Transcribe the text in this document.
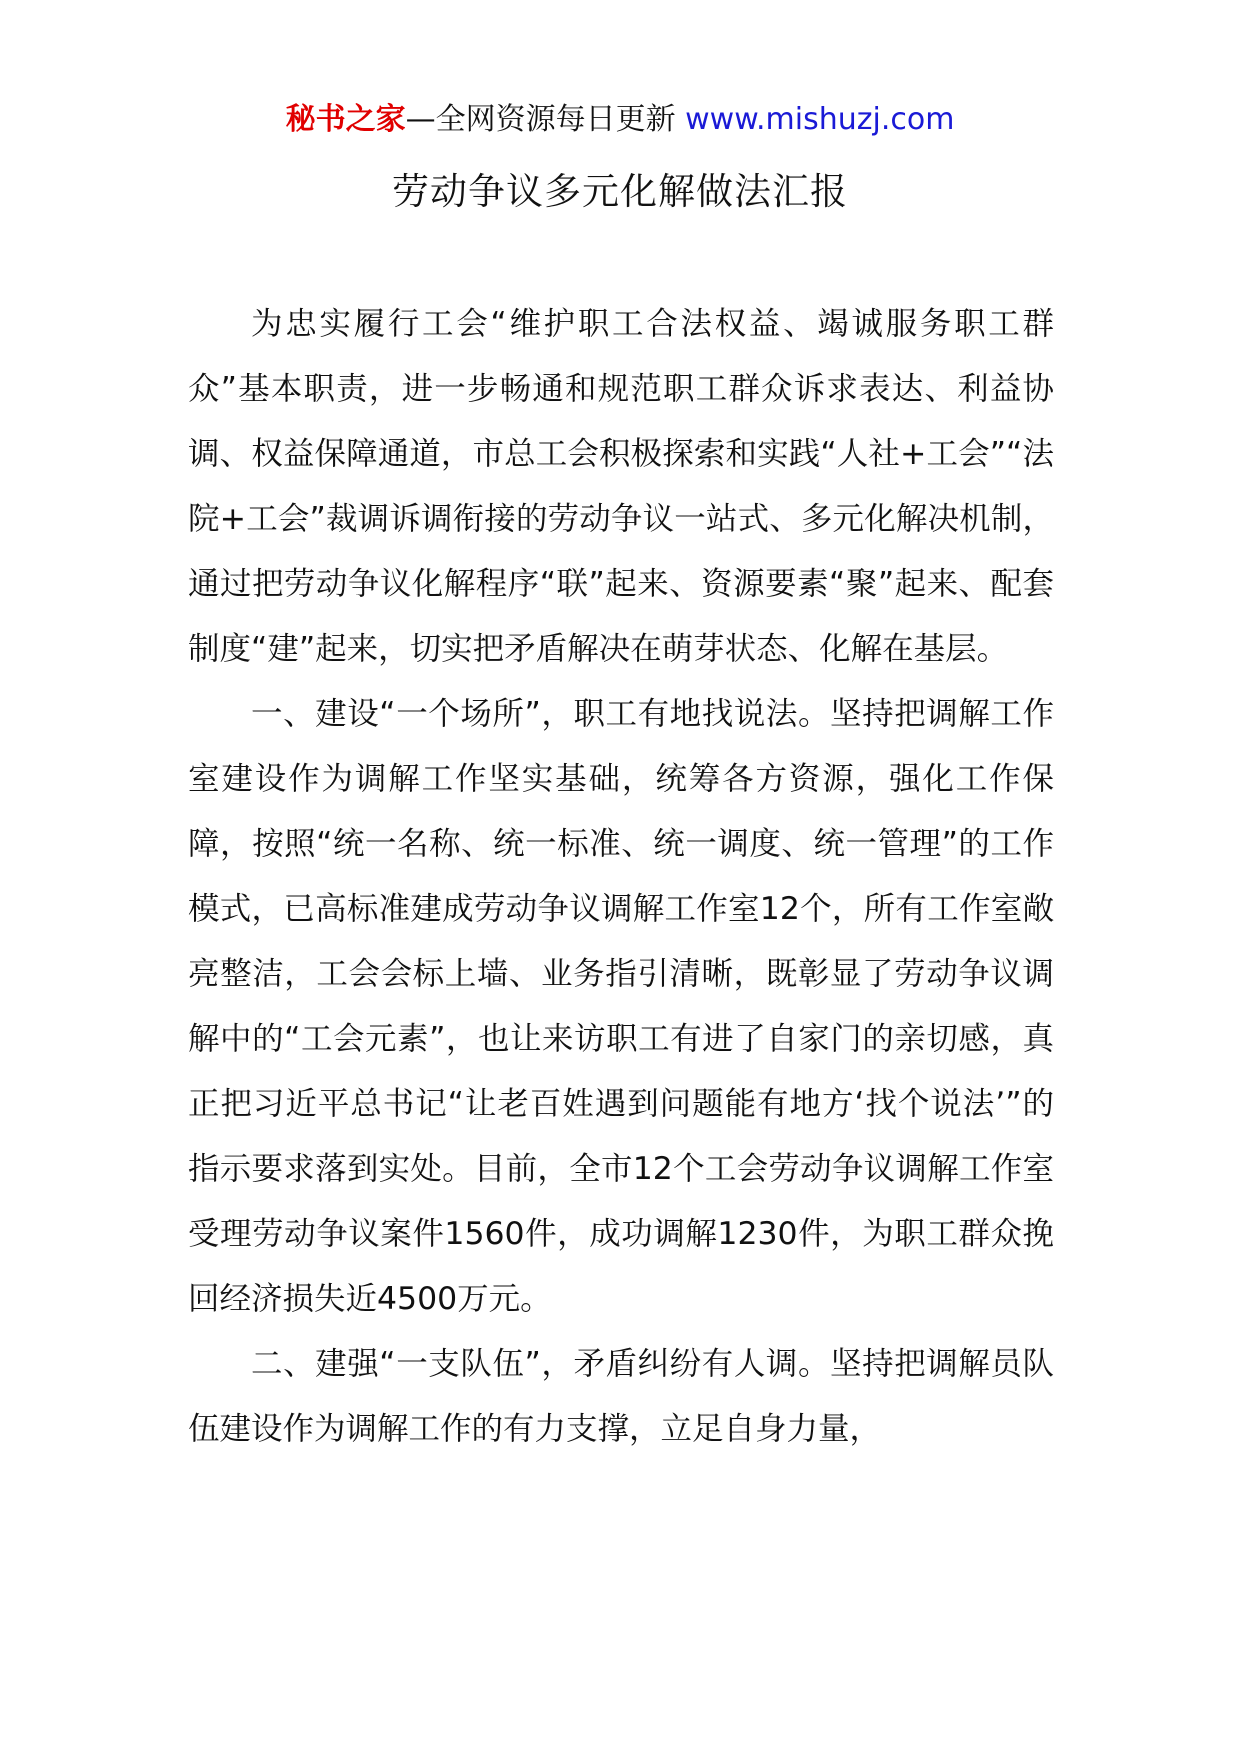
秘书之家—全网资源每日更新 www.mishuzj.com
劳动争议多元化解做法汇报

为忠实履行工会“维护职工合法权益、竭诚服务职工群众”基本职责，进一步畅通和规范职工群众诉求表达、利益协调、权益保障通道，市总工会积极探索和实践“人社+工会”“法院+工会”裁调诉调衔接的劳动争议一站式、多元化解决机制，通过把劳动争议化解程序“联”起来、资源要素“聚”起来、配套制度“建”起来，切实把矛盾解决在萌芽状态、化解在基层。

一、建设“一个场所”，职工有地找说法。坚持把调解工作室建设作为调解工作坚实基础，统筹各方资源，强化工作保障，按照“统一名称、统一标准、统一调度、统一管理”的工作模式，已高标准建成劳动争议调解工作室12个，所有工作室敞亮整洁，工会会标上墙、业务指引清晰，既彰显了劳动争议调解中的“工会元素”，也让来访职工有进了自家门的亲切感，真正把习近平总书记“让老百姓遇到问题能有地方‘找个说法’”的指示要求落到实处。目前，全市12个工会劳动争议调解工作室受理劳动争议案件1560件，成功调解1230件，为职工群众挽回经济损失近4500万元。

二、建强“一支队伍”，矛盾纠纷有人调。坚持把调解员队伍建设作为调解工作的有力支撑，立足自身力量，
